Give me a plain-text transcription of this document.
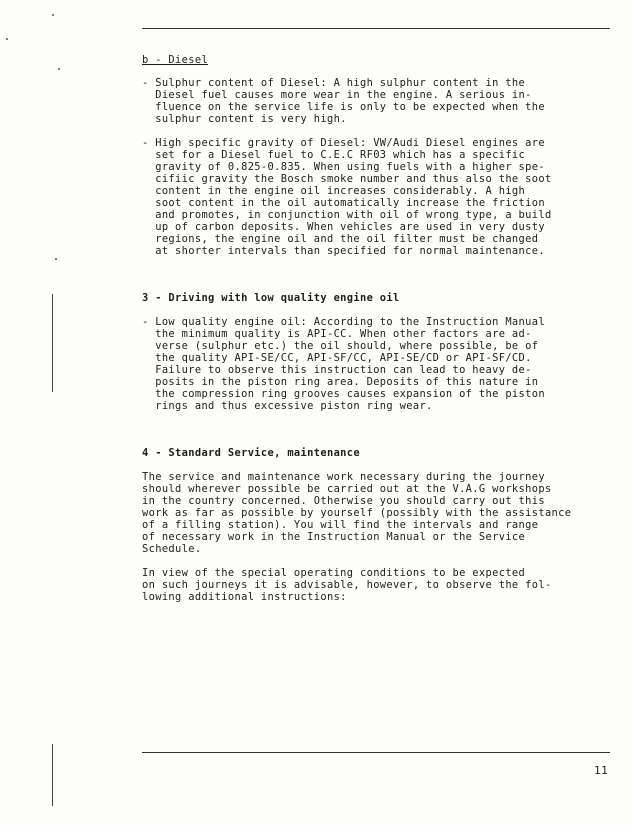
b - Diesel
- Sulphur content of Diesel: A high sulphur content in the
Diesel fuel causes more wear in the engine. A serious in-
fluence on the service life is only to be expected when the
sulphur content is very high.
- High specific gravity of Diesel: VW/Audi Diesel engines are
set for a Diesel fuel to C.E.C RF03 which has a specific
gravity of 0.825-0.835. When using fuels with a higher spe-
cifiic gravity the Bosch smoke number and thus also the soot
content in the engine oil increases considerably. A high
soot content in the oil automatically increase the friction
and promotes, in conjunction with oil of wrong type, a build
up of carbon deposits. When vehicles are used in very dusty
regions, the engine oil and the oil filter must be changed
at shorter intervals than specified for normal maintenance.
3 - Driving with low quality engine oil
- Low quality engine oil: According to the Instruction Manual
the minimum quality is API-CC. When other factors are ad-
verse (sulphur etc.) the oil should, where possible, be of
the quality API-SE/CC, API-SF/CC, API-SE/CD or API-SF/CD.
Failure to observe this instruction can lead to heavy de-
posits in the piston ring area. Deposits of this nature in
the compression ring grooves causes expansion of the piston
rings and thus excessive piston ring wear.
4 - Standard Service, maintenance
The service and maintenance work necessary during the journey
should wherever possible be carried out at the V.A.G workshops
in the country concerned. Otherwise you should carry out this
work as far as possible by yourself (possibly with the assistance
of a filling station). You will find the intervals and range
of necessary work in the Instruction Manual or the Service
Schedule.
In view of the special operating conditions to be expected
on such journeys it is advisable, however, to observe the fol-
lowing additional instructions:
11
